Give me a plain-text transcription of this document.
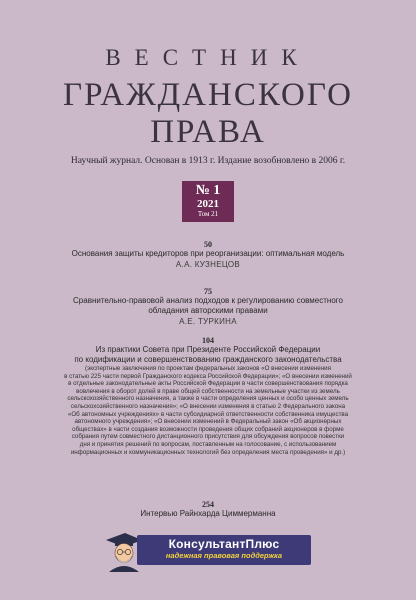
ВЕСТНИК
ГРАЖДАНСКОГО
ПРАВА
Научный журнал. Основан в 1913 г. Издание возобновлено в 2006 г.
№ 1
2021
Том 21
50
Основания защиты кредиторов при реорганизации: оптимальная модель
А.А. КУЗНЕЦОВ
75
Сравнительно-правовой анализ подходов к регулированию совместного
обладания авторскими правами
А.Е. ТУРКИНА
104
Из практики Совета при Президенте Российской Федерации
по кодификации и совершенствованию гражданского законодательства
(экспертные заключения по проектам федеральных законов «О внесении изменения
в статью 225 части первой Гражданского кодекса Российской Федерации»; «О внесении изменений
в отдельные законодательные акты Российской Федерации в части совершенствования порядка
вовлечения в оборот долей в праве общей собственности на земельные участки из земель
сельскохозяйственного назначения, а также в части определения ценных и особо ценных земель
сельскохозяйственного назначения»; «О внесении изменения в статью 2 Федерального закона
«Об автономных учреждениях» в части субсидиарной ответственности собственника имущества
автономного учреждения»; «О внесении изменений в Федеральный закон «Об акционерных
обществах» в части создания возможности проведения общих собраний акционеров в форме
собрания путем совместного дистанционного присутствия для обсуждения вопросов повестки
дня и принятия решений по вопросам, поставленным на голосование, с использованием
информационных и коммуникационных технологий без определения места проведения» и др.)
254
Интервью Райнхарда Циммерманна
КонсультантПлюс
надежная правовая поддержка
